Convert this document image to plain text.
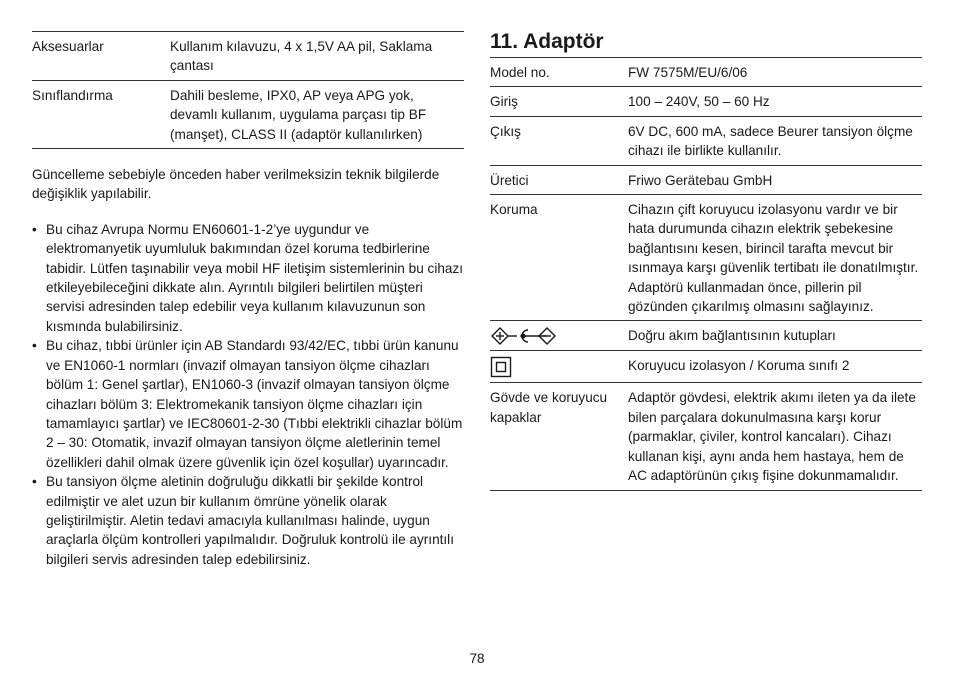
Aksesuarlar	Kullanım kılavuzu, 4 x 1,5V AA pil, Saklama çantası
Sınıflandırma	Dahili besleme, IPX0, AP veya APG yok, devamlı kullanım, uygulama parçası tip BF (manşet), CLASS II (adaptör kullanılırken)

Güncelleme sebebiyle önceden haber verilmeksizin teknik bilgilerde değişiklik yapılabilir.

• Bu cihaz Avrupa Normu EN60601-1-2’ye uygundur ve elektromanyetik uyumluluk bakımından özel koruma tedbirlerine tabidir. Lütfen taşınabilir veya mobil HF iletişim sistemlerinin bu cihazı etkileyebileceğini dikkate alın. Ayrıntılı bilgileri belirtilen müşteri servisi adresinden talep edebilir veya kullanım kılavuzunun son kısmında bulabilirsiniz.
• Bu cihaz, tıbbi ürünler için AB Standardı 93/42/EC, tıbbi ürün kanunu ve EN1060-1 normları (invazif olmayan tansiyon ölçme cihazları bölüm 1: Genel şartlar), EN1060-3 (invazif olmayan tansiyon ölçme cihazları bölüm 3: Elektromekanik tansiyon ölçme cihazları için tamamlayıcı şartlar) ve IEC80601-2-30 (Tıbbi elektrikli cihazlar bölüm 2 – 30: Otomatik, invazif olmayan tansiyon ölçme aletlerinin temel özellikleri dahil olmak üzere güvenlik için özel koşullar) uyarıncadır.
• Bu tansiyon ölçme aletinin doğruluğu dikkatli bir şekilde kontrol edilmiştir ve alet uzun bir kullanım ömrüne yönelik olarak geliştirilmiştir. Aletin tedavi amacıyla kullanılması halinde, uygun araçlarla ölçüm kontrolleri yapılmalıdır. Doğruluk kontrolü ile ayrıntılı bilgileri servis adresinden talep edebilirsiniz.
11. Adaptör
Model no.	FW 7575M/EU/6/06
Giriş	100 – 240V, 50 – 60 Hz
Çıkış	6V DC, 600 mA, sadece Beurer tansiyon ölçme cihazı ile birlikte kullanılır.
Üretici	Friwo Gerätebau GmbH
Koruma	Cihazın çift koruyucu izolasyonu vardır ve bir hata durumunda cihazın elektrik şebekesine bağlantısını kesen, birincil tarafta mevcut bir ısınmaya karşı güvenlik tertibatı ile donatılmıştır.
Adaptörü kullanmadan önce, pillerin pil gözünden çıkarılmış olmasını sağlayınız.

	Doğru akım bağlantısının kutupları

	Koruyucu izolasyon / Koruma sınıfı 2
Gövde ve koruyucu kapaklar	Adaptör gövdesi, elektrik akımı ileten ya da ilete bilen parçalara dokunulmasına karşı korur (parmaklar, çiviler, kontrol kancaları). Cihazı kullanan kişi, aynı anda hem hastaya, hem de AC adaptörünün çıkış fişine dokunmamalıdır.
78
